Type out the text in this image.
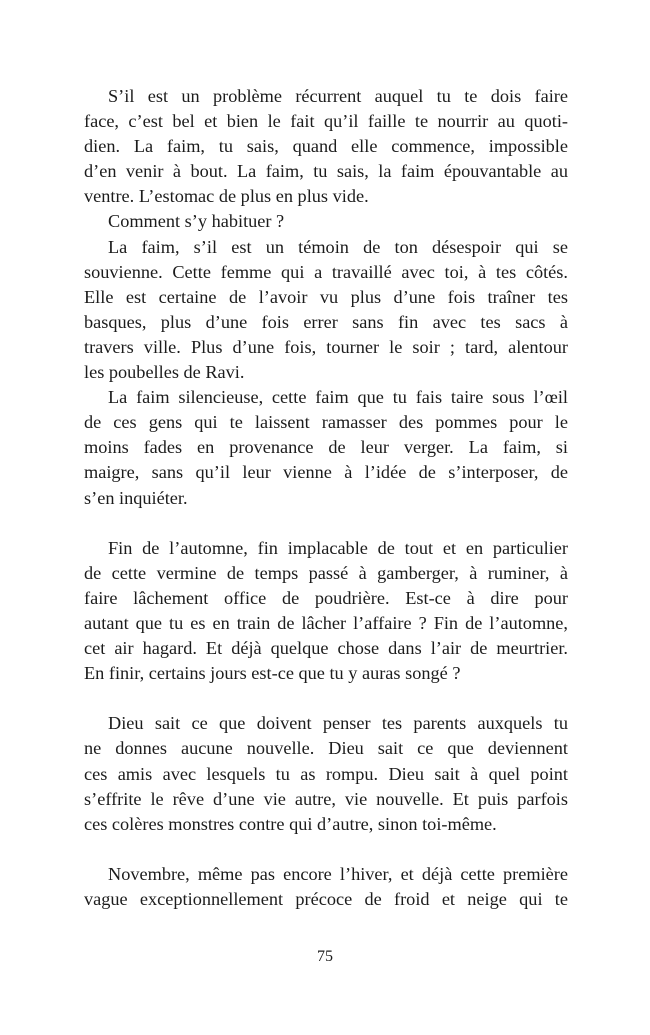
S’il est un problème récurrent auquel tu te dois faire
face, c’est bel et bien le fait qu’il faille te nourrir au quoti-
dien. La faim, tu sais, quand elle commence, impossible
d’en venir à bout. La faim, tu sais, la faim épouvantable au
ventre. L’estomac de plus en plus vide.
Comment s’y habituer ?
La faim, s’il est un témoin de ton désespoir qui se
souvienne. Cette femme qui a travaillé avec toi, à tes côtés.
Elle est certaine de l’avoir vu plus d’une fois traîner tes
basques, plus d’une fois errer sans fin avec tes sacs à
travers ville. Plus d’une fois, tourner le soir ; tard, alentour
les poubelles de Ravi.
La faim silencieuse, cette faim que tu fais taire sous l’œil
de ces gens qui te laissent ramasser des pommes pour le
moins fades en provenance de leur verger. La faim, si
maigre, sans qu’il leur vienne à l’idée de s’interposer, de
s’en inquiéter.
Fin de l’automne, fin implacable de tout et en particulier
de cette vermine de temps passé à gamberger, à ruminer, à
faire lâchement office de poudrière. Est-ce à dire pour
autant que tu es en train de lâcher l’affaire ? Fin de l’automne,
cet air hagard. Et déjà quelque chose dans l’air de meurtrier.
En finir, certains jours est-ce que tu y auras songé ?
Dieu sait ce que doivent penser tes parents auxquels tu
ne donnes aucune nouvelle. Dieu sait ce que deviennent
ces amis avec lesquels tu as rompu. Dieu sait à quel point
s’effrite le rêve d’une vie autre, vie nouvelle. Et puis parfois
ces colères monstres contre qui d’autre, sinon toi-même.
Novembre, même pas encore l’hiver, et déjà cette première
vague exceptionnellement précoce de froid et neige qui te
75
